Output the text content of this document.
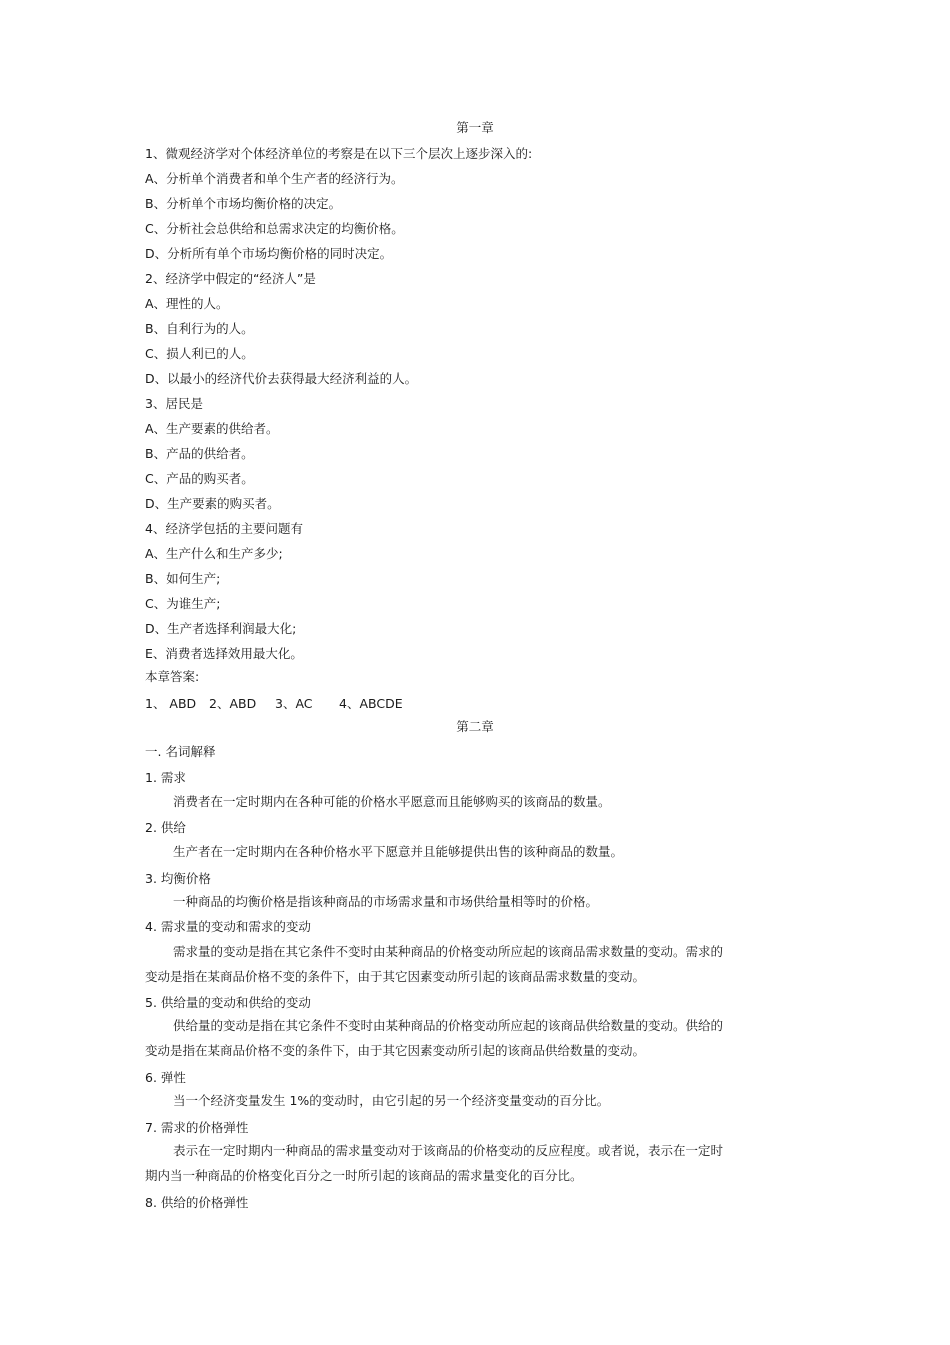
第一章
1、微观经济学对个体经济单位的考察是在以下三个层次上逐步深入的:
A、分析单个消费者和单个生产者的经济行为。
B、分析单个市场均衡价格的决定。
C、分析社会总供给和总需求决定的均衡价格。
D、分析所有单个市场均衡价格的同时决定。
2、经济学中假定的“经济人”是
A、理性的人。
B、自利行为的人。
C、损人利已的人。
D、以最小的经济代价去获得最大经济利益的人。
3、居民是
A、生产要素的供给者。
B、产品的供给者。
C、产品的购买者。
D、生产要素的购买者。
4、经济学包括的主要问题有
A、生产什么和生产多少;
B、如何生产;
C、为谁生产;
D、生产者选择利润最大化;
E、消费者选择效用最大化。
本章答案:
1、 ABD 2、ABD 3、AC 4、ABCDE
第二章
一. 名词解释
1. 需求
消费者在一定时期内在各种可能的价格水平愿意而且能够购买的该商品的数量。
2. 供给
生产者在一定时期内在各种价格水平下愿意并且能够提供出售的该种商品的数量。
3. 均衡价格
一种商品的均衡价格是指该种商品的市场需求量和市场供给量相等时的价格。
4. 需求量的变动和需求的变动
需求量的变动是指在其它条件不变时由某种商品的价格变动所应起的该商品需求数量的变动。需求的
变动是指在某商品价格不变的条件下，由于其它因素变动所引起的该商品需求数量的变动。
5. 供给量的变动和供给的变动
供给量的变动是指在其它条件不变时由某种商品的价格变动所应起的该商品供给数量的变动。供给的
变动是指在某商品价格不变的条件下，由于其它因素变动所引起的该商品供给数量的变动。
6. 弹性
当一个经济变量发生 1%的变动时，由它引起的另一个经济变量变动的百分比。
7. 需求的价格弹性
表示在一定时期内一种商品的需求量变动对于该商品的价格变动的反应程度。或者说，表示在一定时
期内当一种商品的价格变化百分之一时所引起的该商品的需求量变化的百分比。
8. 供给的价格弹性
